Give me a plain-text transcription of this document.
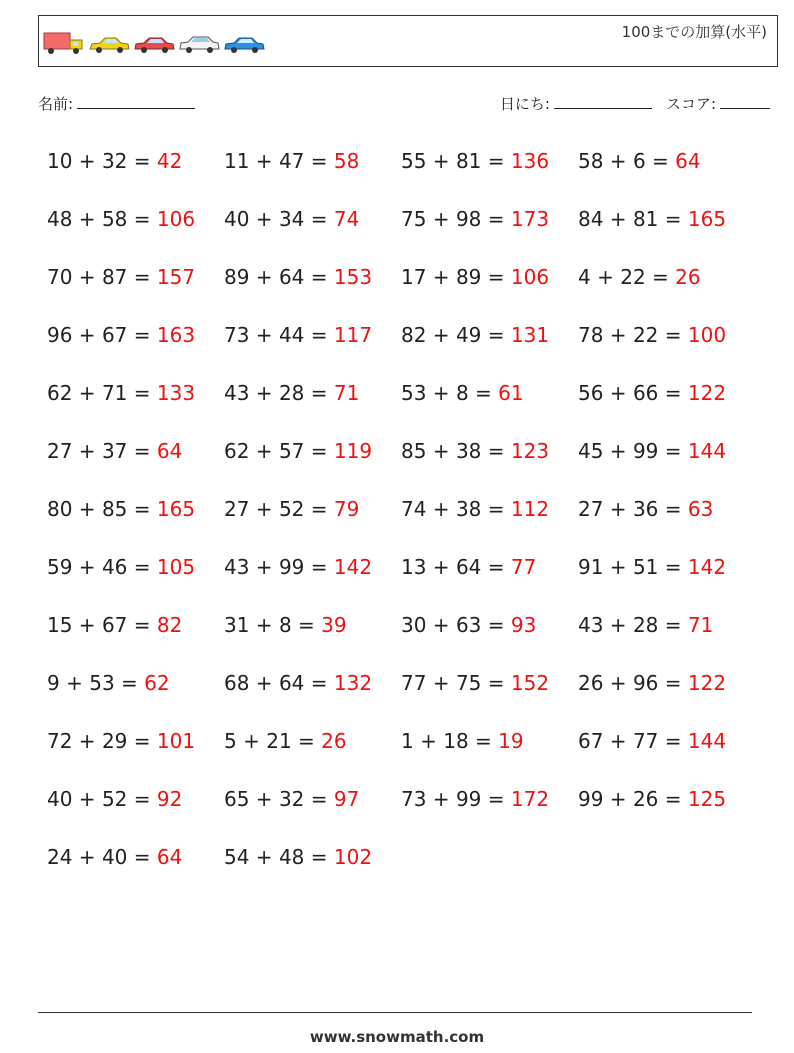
100までの加算(水平)
名前:	日にち:	スコア:
10 + 32 = 42	11 + 47 = 58	55 + 81 = 136	58 + 6 = 64
48 + 58 = 106	40 + 34 = 74	75 + 98 = 173	84 + 81 = 165
70 + 87 = 157	89 + 64 = 153	17 + 89 = 106	4 + 22 = 26
96 + 67 = 163	73 + 44 = 117	82 + 49 = 131	78 + 22 = 100
62 + 71 = 133	43 + 28 = 71	53 + 8 = 61	56 + 66 = 122
27 + 37 = 64	62 + 57 = 119	85 + 38 = 123	45 + 99 = 144
80 + 85 = 165	27 + 52 = 79	74 + 38 = 112	27 + 36 = 63
59 + 46 = 105	43 + 99 = 142	13 + 64 = 77	91 + 51 = 142
15 + 67 = 82	31 + 8 = 39	30 + 63 = 93	43 + 28 = 71
9 + 53 = 62	68 + 64 = 132	77 + 75 = 152	26 + 96 = 122
72 + 29 = 101	5 + 21 = 26	1 + 18 = 19	67 + 77 = 144
40 + 52 = 92	65 + 32 = 97	73 + 99 = 172	99 + 26 = 125
24 + 40 = 64	54 + 48 = 102
www.snowmath.com
